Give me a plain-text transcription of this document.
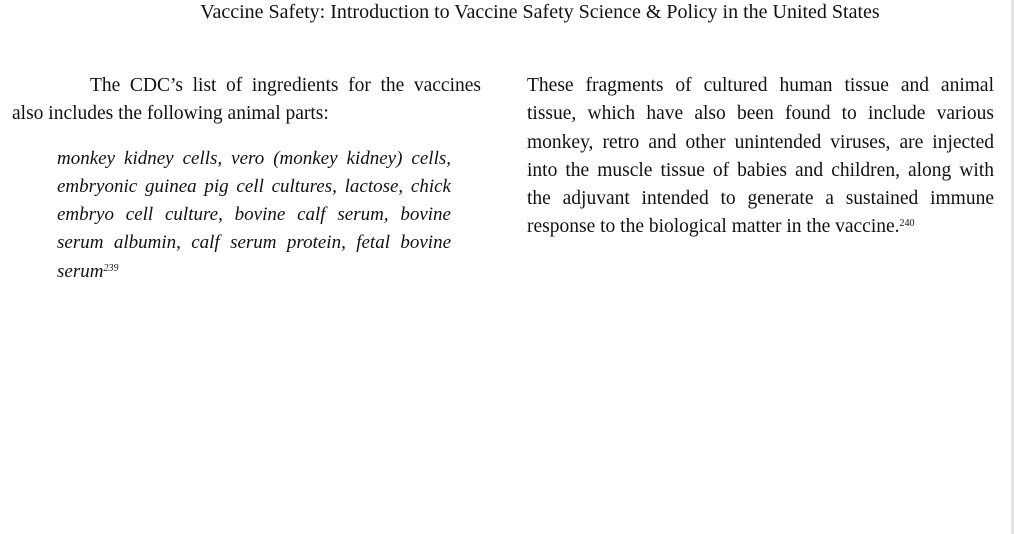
Vaccine Safety: Introduction to Vaccine Safety Science & Policy in the United States

The CDC’s list of ingredients for the vaccines also includes the following animal parts:

monkey kidney cells, vero (monkey kidney) cells, embryonic guinea pig cell cultures, lactose, chick embryo cell culture, bovine calf serum, bovine serum albumin, calf serum protein, fetal bovine serum$^{239}$

These fragments of cultured human tissue and animal tissue, which have also been found to include various monkey, retro and other unintended viruses, are injected into the muscle tissue of babies and children, along with the adjuvant intended to generate a sustained immune response to the biological matter in the vaccine.$^{240}$
